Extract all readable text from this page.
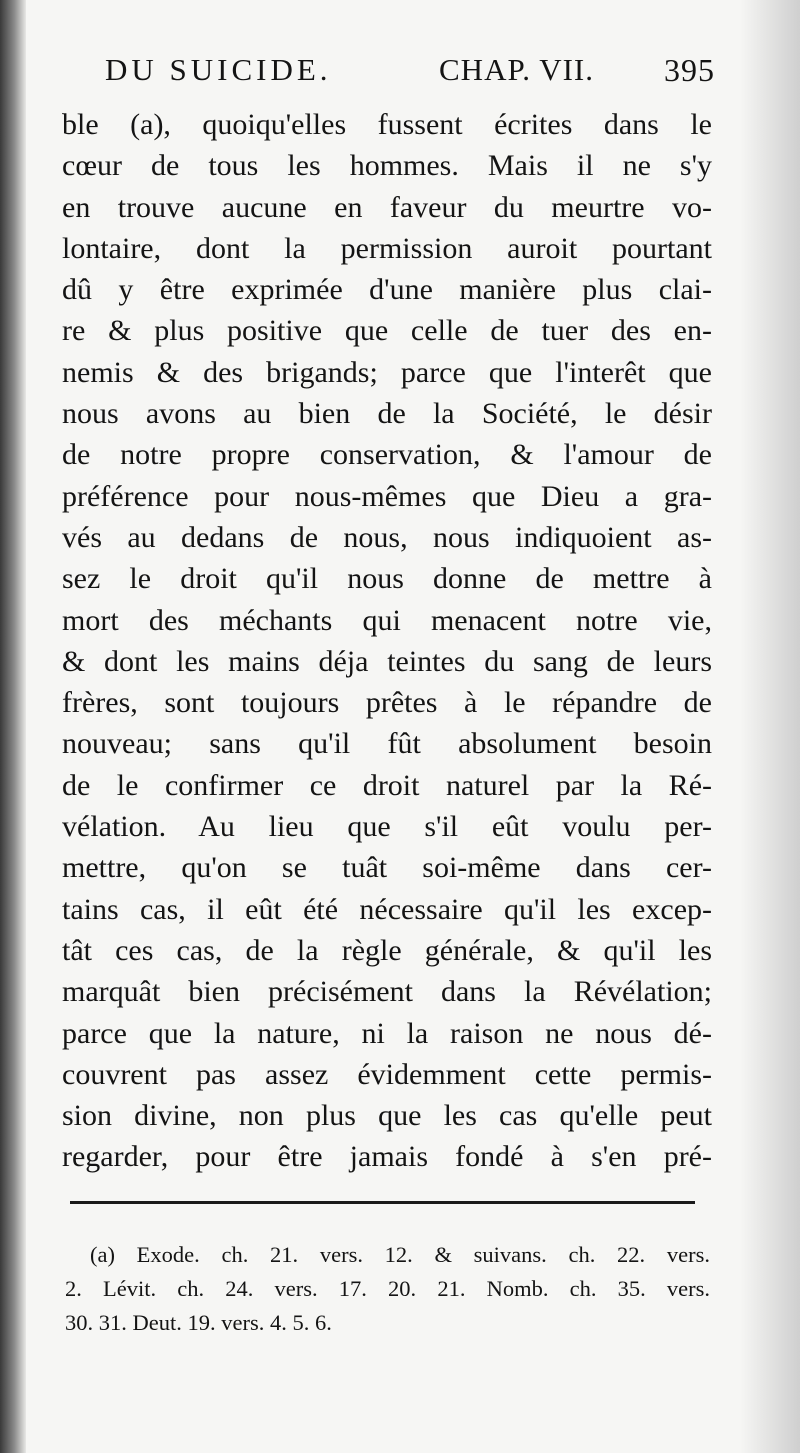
DU SUICIDE.	CHAP. VII. 395
ble (a), quoiqu'elles fussent écrites dans le
cœur de tous les hommes. Mais il ne s'y
en trouve aucune en faveur du meurtre vo-
lontaire, dont la permission auroit pourtant
dû y être exprimée d'une manière plus clai-
re & plus positive que celle de tuer des en-
nemis & des brigands; parce que l'interêt que
nous avons au bien de la Société, le désir
de notre propre conservation, & l'amour de
préférence pour nous-mêmes que Dieu a gra-
vés au dedans de nous, nous indiquoient as-
sez le droit qu'il nous donne de mettre à
mort des méchants qui menacent notre vie,
& dont les mains déja teintes du sang de leurs
frères, sont toujours prêtes à le répandre de
nouveau; sans qu'il fût absolument besoin
de le confirmer ce droit naturel par la Ré-
vélation. Au lieu que s'il eût voulu per-
mettre, qu'on se tuât soi-même dans cer-
tains cas, il eût été nécessaire qu'il les excep-
tât ces cas, de la règle générale, & qu'il les
marquât bien précisément dans la Révélation;
parce que la nature, ni la raison ne nous dé-
couvrent pas assez évidemment cette permis-
sion divine, non plus que les cas qu'elle peut
regarder, pour être jamais fondé à s'en pré-
(a) Exode. ch. 21. vers. 12. & suivans. ch. 22. vers.
2. Lévit. ch. 24. vers. 17. 20. 21. Nomb. ch. 35. vers.
30. 31. Deut. 19. vers. 4. 5. 6.
